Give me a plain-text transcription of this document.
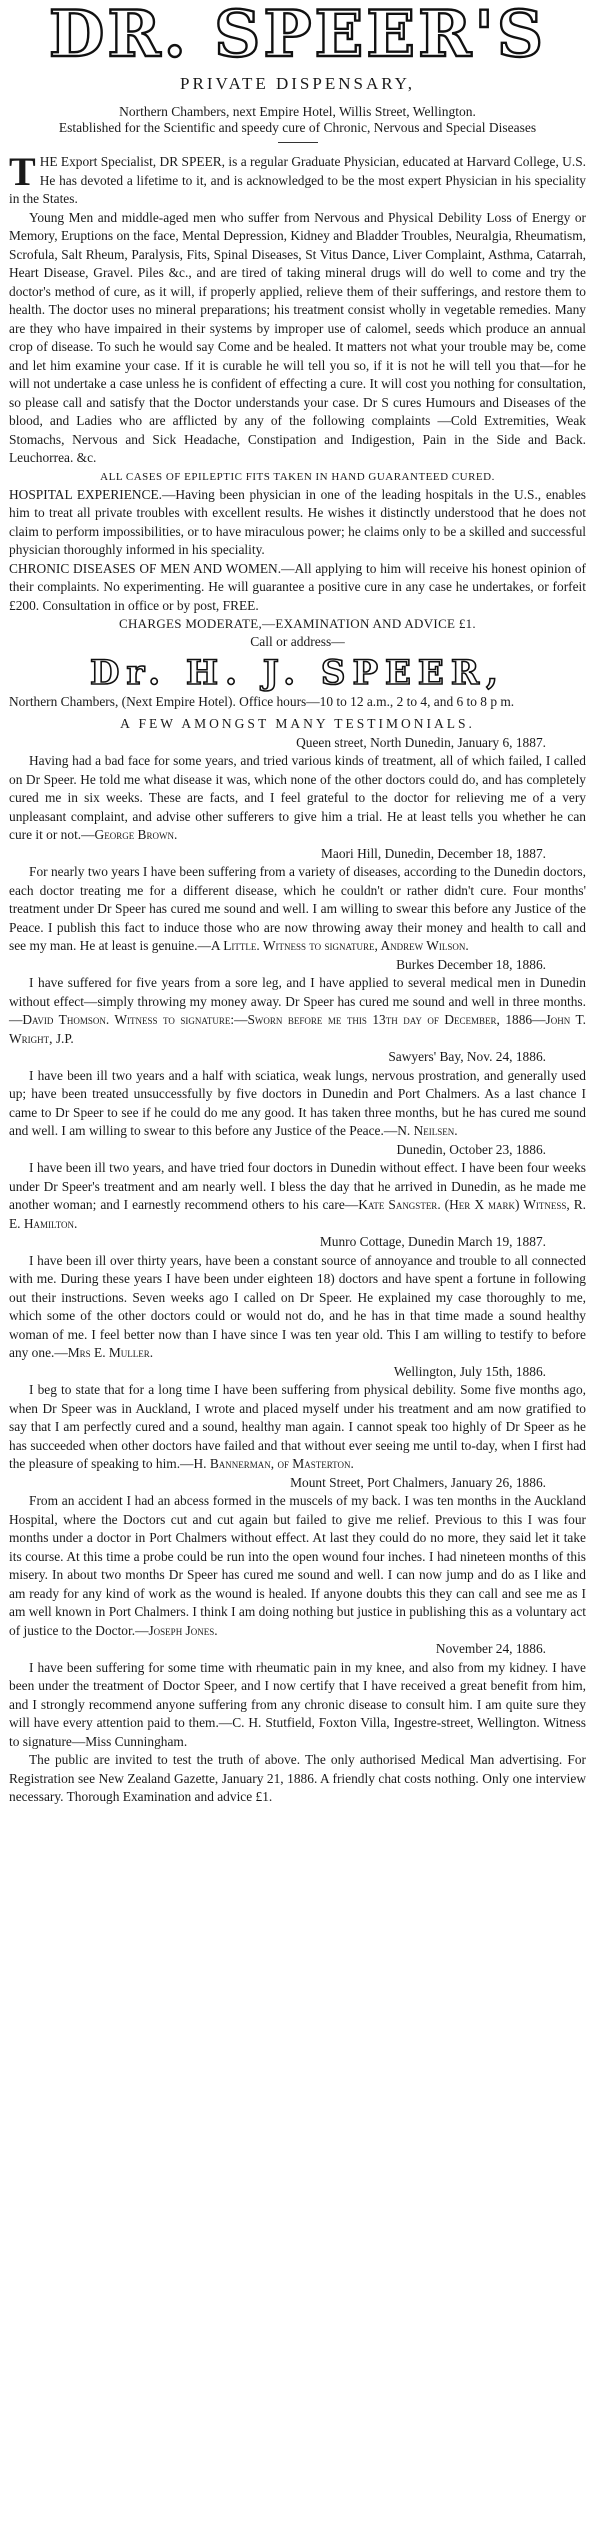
DR. SPEER'S
PRIVATE DISPENSARY,
Northern Chambers, next Empire Hotel, Willis Street, Wellington.
Established for the Scientific and speedy cure of Chronic, Nervous and Special Diseases

THE Export Specialist, DR SPEER, is a regular Graduate Physician, educated at Harvard College, U.S. He has devoted a lifetime to it, and is acknowledged to be the most expert Physician in his speciality in the States.

Young Men and middle-aged men who suffer from Nervous and Physical Debility Loss of Energy or Memory, Eruptions on the face, Mental Depression, Kidney and Bladder Troubles, Neuralgia, Rheumatism, Scrofula, Salt Rheum, Paralysis, Fits, Spinal Diseases, St Vitus Dance, Liver Complaint, Asthma, Catarrah, Heart Disease, Gravel. Piles &c., and are tired of taking mineral drugs will do well to come and try the doctor's method of cure, as it will, if properly applied, relieve them of their sufferings, and restore them to health. The doctor uses no mineral preparations; his treatment consist wholly in vegetable remedies. Many are they who have impaired in their systems by improper use of calomel, seeds which produce an annual crop of disease. To such he would say Come and be healed. It matters not what your trouble may be, come and let him examine your case. If it is curable he will tell you so, if it is not he will tell you that—for he will not undertake a case unless he is confident of effecting a cure. It will cost you nothing for consultation, so please call and satisfy that the Doctor understands your case. Dr S cures Humours and Diseases of the blood, and Ladies who are afflicted by any of the following complaints —Cold Extremities, Weak Stomachs, Nervous and Sick Headache, Constipation and Indigestion, Pain in the Side and Back. Leuchorrea. &c.

ALL CASES OF EPILEPTIC FITS TAKEN IN HAND GUARANTEED CURED.

HOSPITAL EXPERIENCE.—Having been physician in one of the leading hospitals in the U.S., enables him to treat all private troubles with excellent results. He wishes it distinctly understood that he does not claim to perform impossibilities, or to have miraculous power; he claims only to be a skilled and successful physician thoroughly informed in his speciality.

CHRONIC DISEASES OF MEN AND WOMEN.—All applying to him will receive his honest opinion of their complaints. No experimenting. He will guarantee a positive cure in any case he undertakes, or forfeit £200. Consultation in office or by post, FREE.

CHARGES MODERATE,—EXAMINATION AND ADVICE £1.
Call or address—
Dr. H. J. SPEER,

Northern Chambers, (Next Empire Hotel). Office hours—10 to 12 a.m., 2 to 4, and 6 to 8 p m.

A FEW AMONGST MANY TESTIMONIALS.
Queen street, North Dunedin, January 6, 1887.

Having had a bad face for some years, and tried various kinds of treatment, all of which failed, I called on Dr Speer. He told me what disease it was, which none of the other doctors could do, and has completely cured me in six weeks. These are facts, and I feel grateful to the doctor for relieving me of a very unpleasant complaint, and advise other sufferers to give him a trial. He at least tells you whether he can cure it or not.—George Brown.

Maori Hill, Dunedin, December 18, 1887.

For nearly two years I have been suffering from a variety of diseases, according to the Dunedin doctors, each doctor treating me for a different disease, which he couldn't or rather didn't cure. Four months' treatment under Dr Speer has cured me sound and well. I am willing to swear this before any Justice of the Peace. I publish this fact to induce those who are now throwing away their money and health to call and see my man. He at least is genuine.—A Little. Witness to signature, Andrew Wilson.

Burkes December 18, 1886.

I have suffered for five years from a sore leg, and I have applied to several medical men in Dunedin without effect—simply throwing my money away. Dr Speer has cured me sound and well in three months.—David Thomson. Witness to signature:—Sworn before me this 13th day of December, 1886—John T. Wright, J.P.

Sawyers' Bay, Nov. 24, 1886.

I have been ill two years and a half with sciatica, weak lungs, nervous prostration, and generally used up; have been treated unsuccessfully by five doctors in Dunedin and Port Chalmers. As a last chance I came to Dr Speer to see if he could do me any good. It has taken three months, but he has cured me sound and well. I am willing to swear to this before any Justice of the Peace.—N. Neilsen.

Dunedin, October 23, 1886.

I have been ill two years, and have tried four doctors in Dunedin without effect. I have been four weeks under Dr Speer's treatment and am nearly well. I bless the day that he arrived in Dunedin, as he made me another woman; and I earnestly recommend others to his care—Kate Sangster. (Her X mark) Witness, R. E. Hamilton.

Munro Cottage, Dunedin March 19, 1887.

I have been ill over thirty years, have been a constant source of annoyance and trouble to all connected with me. During these years I have been under eighteen 18) doctors and have spent a fortune in following out their instructions. Seven weeks ago I called on Dr Speer. He explained my case thoroughly to me, which some of the other doctors could or would not do, and he has in that time made a sound healthy woman of me. I feel better now than I have since I was ten year old. This I am willing to testify to before any one.—Mrs E. Muller.

Wellington, July 15th, 1886.

I beg to state that for a long time I have been suffering from physical debility. Some five months ago, when Dr Speer was in Auckland, I wrote and placed myself under his treatment and am now gratified to say that I am perfectly cured and a sound, healthy man again. I cannot speak too highly of Dr Speer as he has succeeded when other doctors have failed and that without ever seeing me until to-day, when I first had the pleasure of speaking to him.—H. Bannerman, of Masterton.

Mount Street, Port Chalmers, January 26, 1886.

From an accident I had an abcess formed in the muscels of my back. I was ten months in the Auckland Hospital, where the Doctors cut and cut again but failed to give me relief. Previous to this I was four months under a doctor in Port Chalmers without effect. At last they could do no more, they said let it take its course. At this time a probe could be run into the open wound four inches. I had nineteen months of this misery. In about two months Dr Speer has cured me sound and well. I can now jump and do as I like and am ready for any kind of work as the wound is healed. If anyone doubts this they can call and see me as I am well known in Port Chalmers. I think I am doing nothing but justice in publishing this as a voluntary act of justice to the Doctor.—Joseph Jones.

November 24, 1886.

I have been suffering for some time with rheumatic pain in my knee, and also from my kidney. I have been under the treatment of Doctor Speer, and I now certify that I have received a great benefit from him, and I strongly recommend anyone suffering from any chronic disease to consult him. I am quite sure they will have every attention paid to them.—C. H. Stutfield, Foxton Villa, Ingestre-street, Wellington. Witness to signature—Miss Cunningham.

The public are invited to test the truth of above. The only authorised Medical Man advertising. For Registration see New Zealand Gazette, January 21, 1886. A friendly chat costs nothing. Only one interview necessary. Thorough Examination and advice £1.
